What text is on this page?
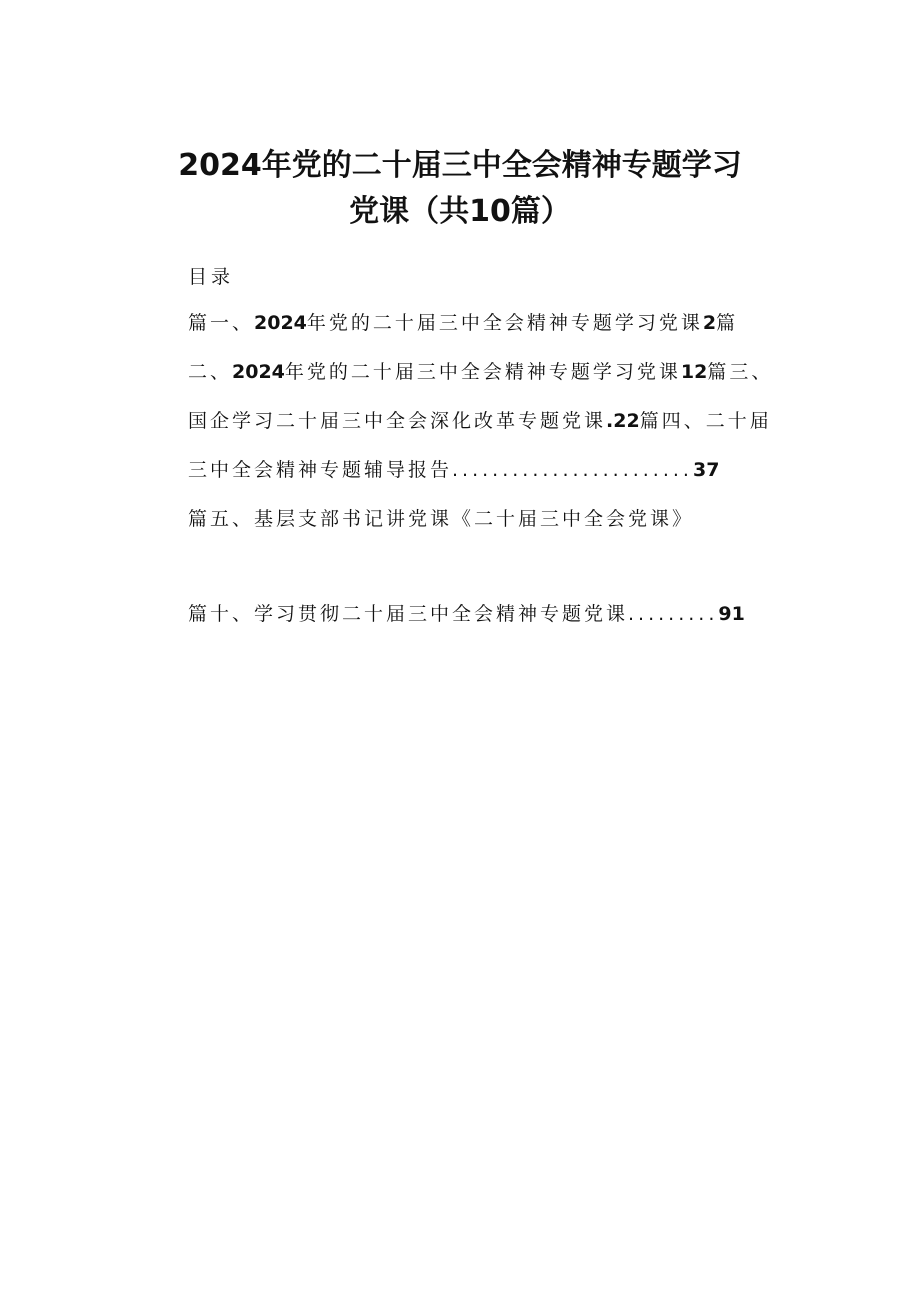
2024年党的二十届三中全会精神专题学习
党课（共10篇）
目录
篇一、2024年党的二十届三中全会精神专题学习党课2篇
二、2024年党的二十届三中全会精神专题学习党课12篇三、
国企学习二十届三中全会深化改革专题党课.22篇四、二十届
三中全会精神专题辅导报告........................37
篇五、基层支部书记讲党课《二十届三中全会党课》
篇十、学习贯彻二十届三中全会精神专题党课.........91
